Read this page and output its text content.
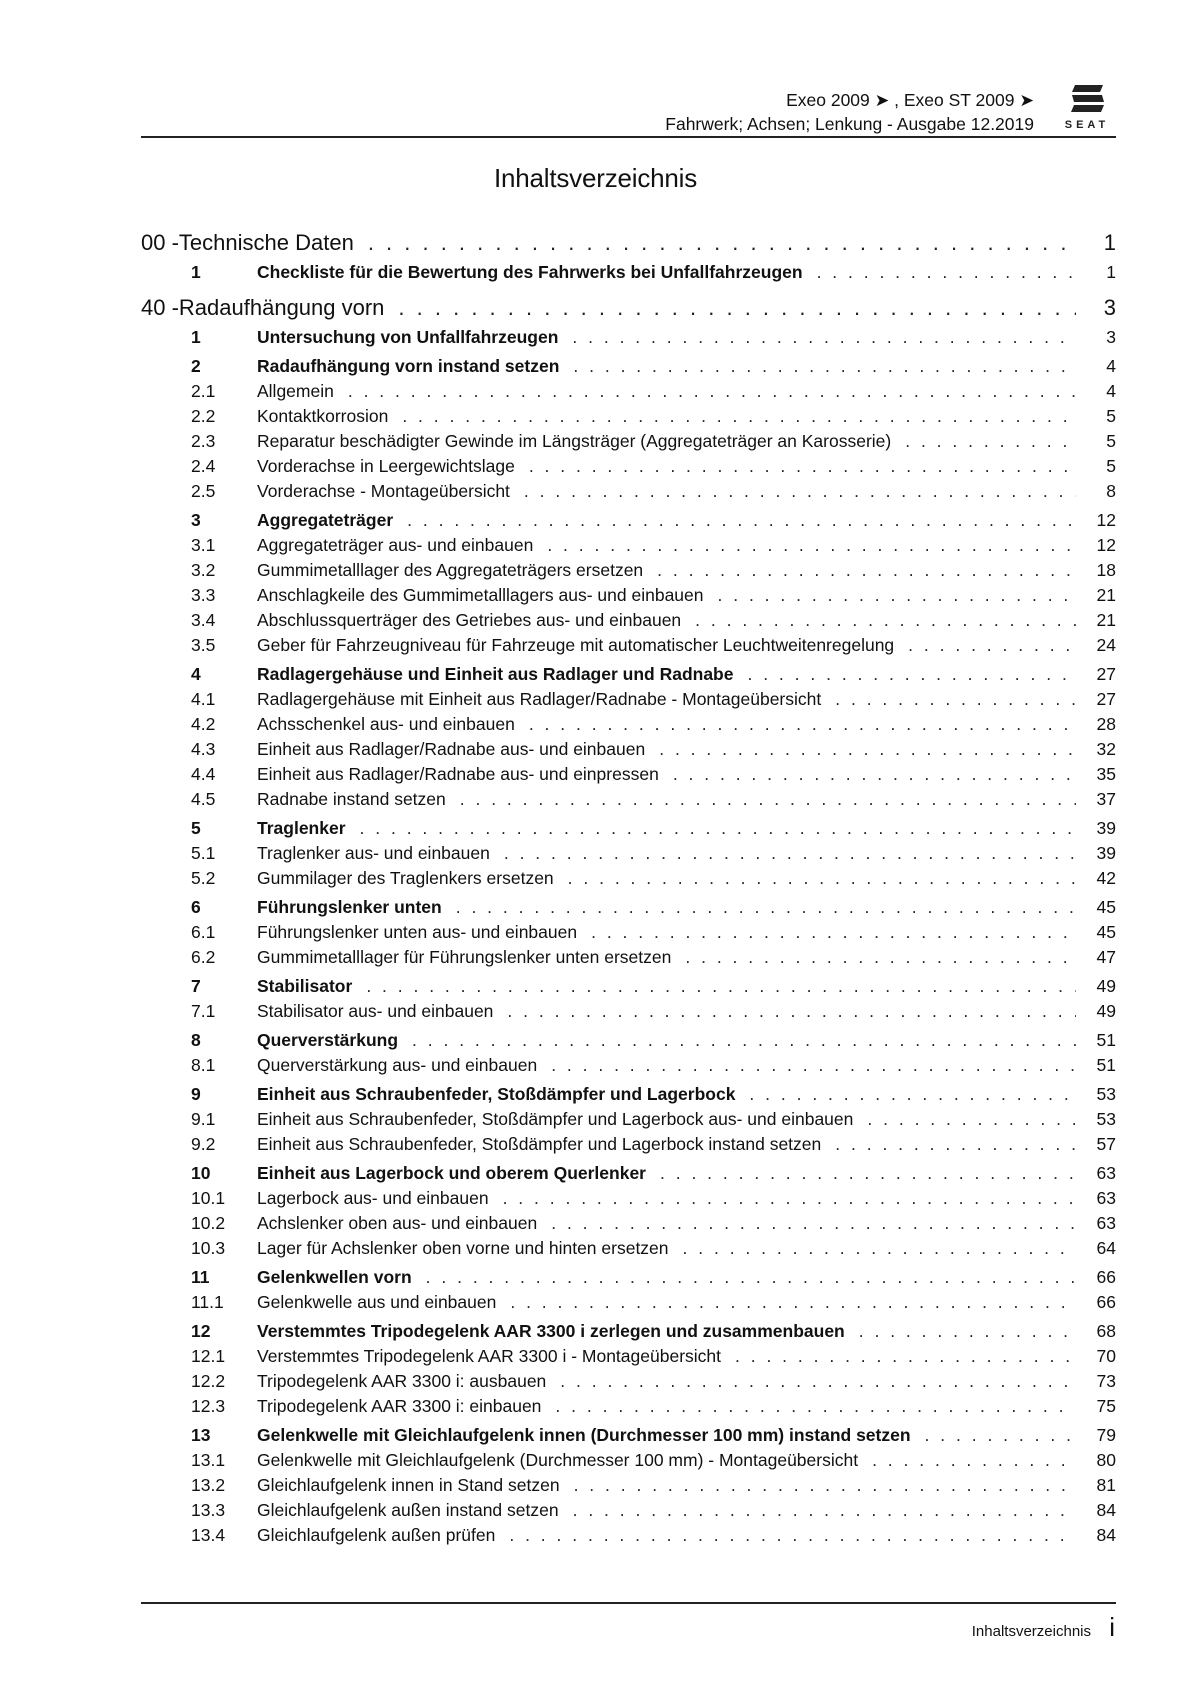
Exeo 2009 ➤ , Exeo ST 2009 ➤
Fahrwerk; Achsen; Lenkung - Ausgabe 12.2019	SEAT
Inhaltsverzeichnis
00 - Technische Daten . . .	1
1	Checkliste für die Bewertung des Fahrwerks bei Unfallfahrzeugen . . .	1
40 - Radaufhängung vorn . . .	3
1	Untersuchung von Unfallfahrzeugen . . .	3
2	Radaufhängung vorn instand setzen . . .	4
2.1	Allgemein . . .	4
2.2	Kontaktkorrosion . . .	5
2.3	Reparatur beschädigter Gewinde im Längsträger (Aggregateträger an Karosserie) . . .	5
2.4	Vorderachse in Leergewichtslage . . .	5
2.5	Vorderachse - Montageübersicht . . .	8
3	Aggregateträger . . .	12
3.1	Aggregateträger aus- und einbauen . . .	12
3.2	Gummimetalllager des Aggregateträgers ersetzen . . .	18
3.3	Anschlagkeile des Gummimetalllagers aus- und einbauen . . .	21
3.4	Abschlussquerträger des Getriebes aus- und einbauen . . .	21
3.5	Geber für Fahrzeugniveau für Fahrzeuge mit automatischer Leuchtweitenregelung . . .	24
4	Radlagergehäuse und Einheit aus Radlager und Radnabe . . .	27
4.1	Radlagergehäuse mit Einheit aus Radlager/Radnabe - Montageübersicht . . .	27
4.2	Achsschenkel aus- und einbauen . . .	28
4.3	Einheit aus Radlager/Radnabe aus- und einbauen . . .	32
4.4	Einheit aus Radlager/Radnabe aus- und einpressen . . .	35
4.5	Radnabe instand setzen . . .	37
5	Traglenker . . .	39
5.1	Traglenker aus- und einbauen . . .	39
5.2	Gummilager des Traglenkers ersetzen . . .	42
6	Führungslenker unten . . .	45
6.1	Führungslenker unten aus- und einbauen . . .	45
6.2	Gummimetalllager für Führungslenker unten ersetzen . . .	47
7	Stabilisator . . .	49
7.1	Stabilisator aus- und einbauen . . .	49
8	Querverstärkung . . .	51
8.1	Querverstärkung aus- und einbauen . . .	51
9	Einheit aus Schraubenfeder, Stoßdämpfer und Lagerbock . . .	53
9.1	Einheit aus Schraubenfeder, Stoßdämpfer und Lagerbock aus- und einbauen . . .	53
9.2	Einheit aus Schraubenfeder, Stoßdämpfer und Lagerbock instand setzen . . .	57
10	Einheit aus Lagerbock und oberem Querlenker . . .	63
10.1	Lagerbock aus- und einbauen . . .	63
10.2	Achslenker oben aus- und einbauen . . .	63
10.3	Lager für Achslenker oben vorne und hinten ersetzen . . .	64
11	Gelenkwellen vorn . . .	66
11.1	Gelenkwelle aus und einbauen . . .	66
12	Verstemmtes Tripodegelenk AAR 3300 i zerlegen und zusammenbauen . . .	68
12.1	Verstemmtes Tripodegelenk AAR 3300 i - Montageübersicht . . .	70
12.2	Tripodegelenk AAR 3300 i: ausbauen . . .	73
12.3	Tripodegelenk AAR 3300 i: einbauen . . .	75
13	Gelenkwelle mit Gleichlaufgelenk innen (Durchmesser 100 mm) instand setzen . . .	79
13.1	Gelenkwelle mit Gleichlaufgelenk (Durchmesser 100 mm) - Montageübersicht . . .	80
13.2	Gleichlaufgelenk innen in Stand setzen . . .	81
13.3	Gleichlaufgelenk außen instand setzen . . .	84
13.4	Gleichlaufgelenk außen prüfen . . .	84
Inhaltsverzeichnis i
